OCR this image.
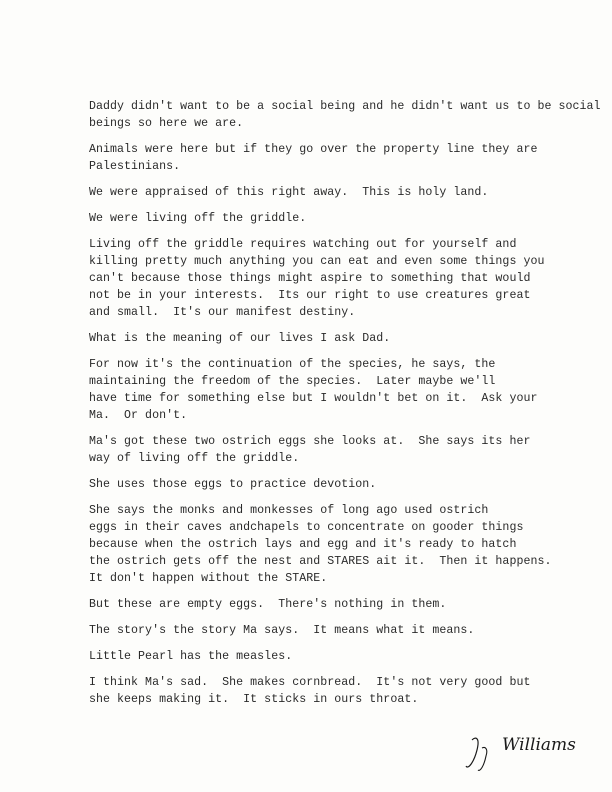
Daddy didn't want to be a social being and he didn't want us to be social
beings so here we are.

Animals were here but if they go over the property line they are
Palestinians.

We were appraised of this right away.  This is holy land.

We were living off the griddle.

Living off the griddle requires watching out for yourself and
killing pretty much anything you can eat and even some things you
can't because those things might aspire to something that would
not be in your interests.  Its our right to use creatures great
and small.  It's our manifest destiny.

What is the meaning of our lives I ask Dad.

For now it's the continuation of the species, he says, the
maintaining the freedom of the species.  Later maybe we'll
have time for something else but I wouldn't bet on it.  Ask your
Ma.  Or don't.

Ma's got these two ostrich eggs she looks at.  She says its her
way of living off the griddle.

She uses those eggs to practice devotion.

She says the monks and monkesses of long ago used ostrich
eggs in their caves andchapels to concentrate on gooder things
because when the ostrich lays and egg and it's ready to hatch
the ostrich gets off the nest and STARES ait it.  Then it happens.
It don't happen without the STARE.

But these are empty eggs.  There's nothing in them.

The story's the story Ma says.  It means what it means.

Little Pearl has the measles.

I think Ma's sad.  She makes cornbread.  It's not very good but
she keeps making it.  It sticks in ours throat.

Williams
